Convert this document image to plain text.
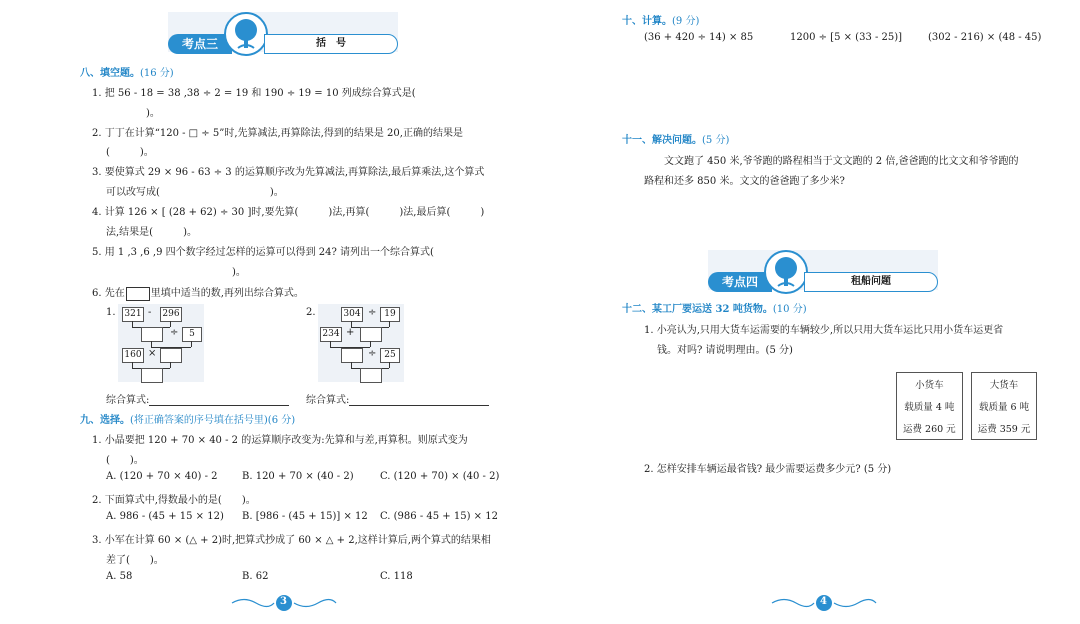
考点三	括　号
八、填空题。(16 分)
1. 把 56 - 18 = 38 ,38 ÷ 2 = 19 和 190 ÷ 19 = 10 列成综合算式是(
)。
2. 丁丁在计算“120 - □ ÷ 5”时,先算减法,再算除法,得到的结果是 20,正确的结果是
(　　　)。
3. 要使算式 29 × 96 - 63 ÷ 3 的运算顺序改为先算减法,再算除法,最后算乘法,这个算式
可以改写成(　　　　　　　　　　　)。
4. 计算 126 × [ (28 + 62) ÷ 30 ]时,要先算(　　　)法,再算(　　　)法,最后算(　　　)
法,结果是(　　　)。
5. 用 1 ,3 ,6 ,9 四个数字经过怎样的运算可以得到 24? 请列出一个综合算式(
)。
6. 先在	里填中适当的数,再列出综合算式。
1. 321 - 296
÷	5
160 ×
2.	304 ÷ 19
234 +
÷ 25
综合算式:	综合算式:
九、选择。(将正确答案的序号填在括号里)(6 分)
1. 小晶要把 120 + 70 × 40 - 2 的运算顺序改变为:先算和与差,再算积。则原式变为
(　　)。
A. (120 + 70 × 40) - 2 B. 120 + 70 × (40 - 2)	C. (120 + 70) × (40 - 2)
2. 下面算式中,得数最小的是(　　)。
A. 986 - (45 + 15 × 12) B. [986 - (45 + 15)] × 12 C. (986 - 45 + 15) × 12
3. 小军在计算 60 × (△ + 2)时,把算式抄成了 60 × △ + 2,这样计算后,两个算式的结果相
差了(　　)。
A. 58	B. 62	C. 118
3
十、计算。(9 分)
(36 + 420 ÷ 14) × 85	1200 ÷ [5 × (33 - 25)]	(302 - 216) × (48 - 45)
十一、解决问题。(5 分)
文文跑了 450 米,爷爷跑的路程相当于文文跑的 2 倍,爸爸跑的比文文和爷爷跑的
路程和还多 850 米。文文的爸爸跑了多少米?
考点四	租船问题
十二、某工厂要运送 32 吨货物。(10 分)
1. 小亮认为,只用大货车运需要的车辆较少,所以只用大货车运比只用小货车运更省
钱。对吗? 请说明理由。(5 分)
小货车		大货车
载质量 4 吨		载质量 6 吨
运费 260 元		运费 359 元
2. 怎样安排车辆运最省钱? 最少需要运费多少元? (5 分)
4
